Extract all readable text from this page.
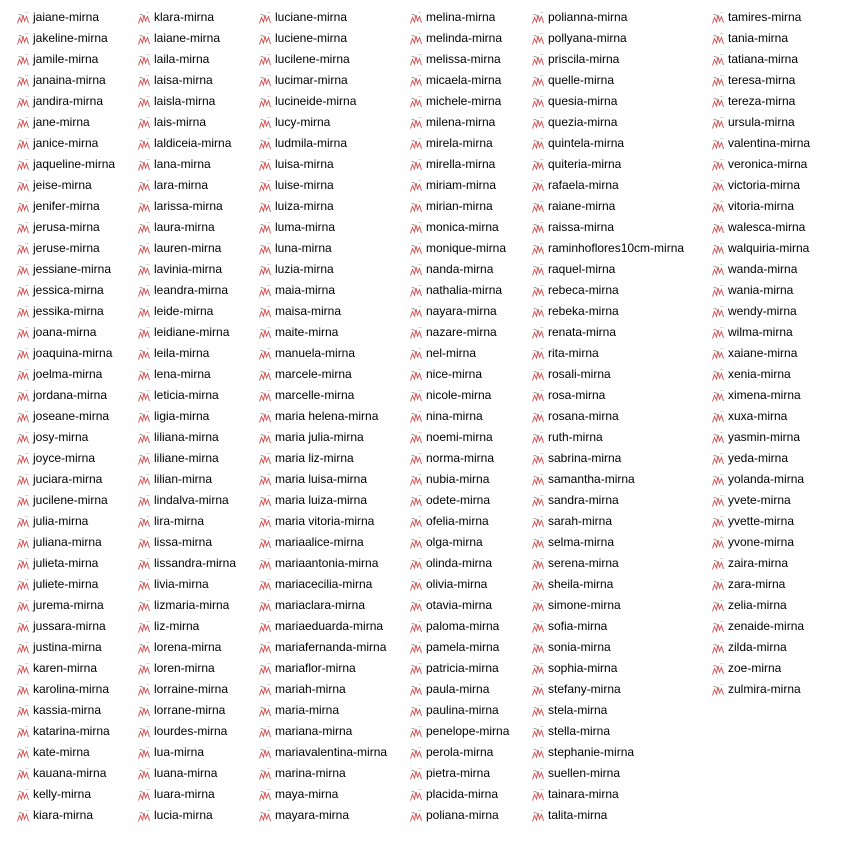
jaiane-mirna
jakeline-mirna
jamile-mirna
janaina-mirna
jandira-mirna
jane-mirna
janice-mirna
jaqueline-mirna
jeise-mirna
jenifer-mirna
jerusa-mirna
jeruse-mirna
jessiane-mirna
jessica-mirna
jessika-mirna
joana-mirna
joaquina-mirna
joelma-mirna
jordana-mirna
joseane-mirna
josy-mirna
joyce-mirna
juciara-mirna
jucilene-mirna
julia-mirna
juliana-mirna
julieta-mirna
juliete-mirna
jurema-mirna
jussara-mirna
justina-mirna
karen-mirna
karolina-mirna
kassia-mirna
katarina-mirna
kate-mirna
kauana-mirna
kelly-mirna
kiara-mirna
klara-mirna
laiane-mirna
laila-mirna
laisa-mirna
laisla-mirna
lais-mirna
laldiceia-mirna
lana-mirna
lara-mirna
larissa-mirna
laura-mirna
lauren-mirna
lavinia-mirna
leandra-mirna
leide-mirna
leidiane-mirna
leila-mirna
lena-mirna
leticia-mirna
ligia-mirna
liliana-mirna
liliane-mirna
lilian-mirna
lindalva-mirna
lira-mirna
lissa-mirna
lissandra-mirna
livia-mirna
lizmaria-mirna
liz-mirna
lorena-mirna
loren-mirna
lorraine-mirna
lorrane-mirna
lourdes-mirna
lua-mirna
luana-mirna
luara-mirna
lucia-mirna
luciane-mirna
luciene-mirna
lucilene-mirna
lucimar-mirna
lucineide-mirna
lucy-mirna
ludmila-mirna
luisa-mirna
luise-mirna
luiza-mirna
luma-mirna
luna-mirna
luzia-mirna
maia-mirna
maisa-mirna
maite-mirna
manuela-mirna
marcele-mirna
marcelle-mirna
maria helena-mirna
maria julia-mirna
maria liz-mirna
maria luisa-mirna
maria luiza-mirna
maria vitoria-mirna
mariaalice-mirna
mariaantonia-mirna
mariacecilia-mirna
mariaclara-mirna
mariaeduarda-mirna
mariafernanda-mirna
mariaflor-mirna
mariah-mirna
maria-mirna
mariana-mirna
mariavalentina-mirna
marina-mirna
maya-mirna
mayara-mirna
melina-mirna
melinda-mirna
melissa-mirna
micaela-mirna
michele-mirna
milena-mirna
mirela-mirna
mirella-mirna
miriam-mirna
mirian-mirna
monica-mirna
monique-mirna
nanda-mirna
nathalia-mirna
nayara-mirna
nazare-mirna
nel-mirna
nice-mirna
nicole-mirna
nina-mirna
noemi-mirna
norma-mirna
nubia-mirna
odete-mirna
ofelia-mirna
olga-mirna
olinda-mirna
olivia-mirna
otavia-mirna
paloma-mirna
pamela-mirna
patricia-mirna
paula-mirna
paulina-mirna
penelope-mirna
perola-mirna
pietra-mirna
placida-mirna
poliana-mirna
polianna-mirna
pollyana-mirna
priscila-mirna
quelle-mirna
quesia-mirna
quezia-mirna
quintela-mirna
quiteria-mirna
rafaela-mirna
raiane-mirna
raissa-mirna
raminhoflores10cm-mirna
raquel-mirna
rebeca-mirna
rebeka-mirna
renata-mirna
rita-mirna
rosali-mirna
rosa-mirna
rosana-mirna
ruth-mirna
sabrina-mirna
samantha-mirna
sandra-mirna
sarah-mirna
selma-mirna
serena-mirna
sheila-mirna
simone-mirna
sofia-mirna
sonia-mirna
sophia-mirna
stefany-mirna
stela-mirna
stella-mirna
stephanie-mirna
suellen-mirna
tainara-mirna
talita-mirna
tamires-mirna
tania-mirna
tatiana-mirna
teresa-mirna
tereza-mirna
ursula-mirna
valentina-mirna
veronica-mirna
victoria-mirna
vitoria-mirna
walesca-mirna
walquiria-mirna
wanda-mirna
wania-mirna
wendy-mirna
wilma-mirna
xaiane-mirna
xenia-mirna
ximena-mirna
xuxa-mirna
yasmin-mirna
yeda-mirna
yolanda-mirna
yvete-mirna
yvette-mirna
yvone-mirna
zaira-mirna
zara-mirna
zelia-mirna
zenaide-mirna
zilda-mirna
zoe-mirna
zulmira-mirna
